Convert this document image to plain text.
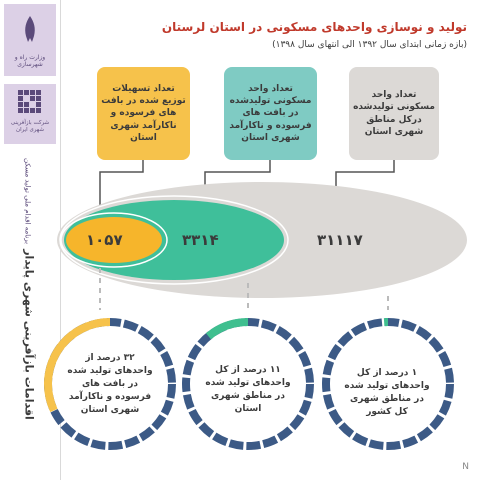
وزارت راه و شهرسازی
شرکت بازآفرینی شهری ایران
اقدامات بازآفرینی شهری پایدار برنامه اقدام ملی تولید مسکن
تولید و نوسازی واحدهای مسکونی در استان لرستان
(بازه زمانی ابتدای سال ۱۳۹۲ الی انتهای سال ۱۳۹۸)
تعداد تسهیلات توزیع شده در بافت های فرسوده و ناکارآمد شهری استان
تعداد واحد مسکونی تولیدشده در بافت های فرسوده و ناکارآمد شهری استان
تعداد واحد مسکونی تولیدشده درکل مناطق شهری استان
۱۰۵۷	۳۳۱۴	۳۱۱۱۷
۳۲ درصد از واحدهای تولید شده در بافت های فرسوده و ناکارآمد شهری استان
۱۱ درصد از کل واحدهای تولید شده در مناطق شهری استان
۱ درصد از کل واحدهای تولید شده در مناطق شهری کل کشور
N
